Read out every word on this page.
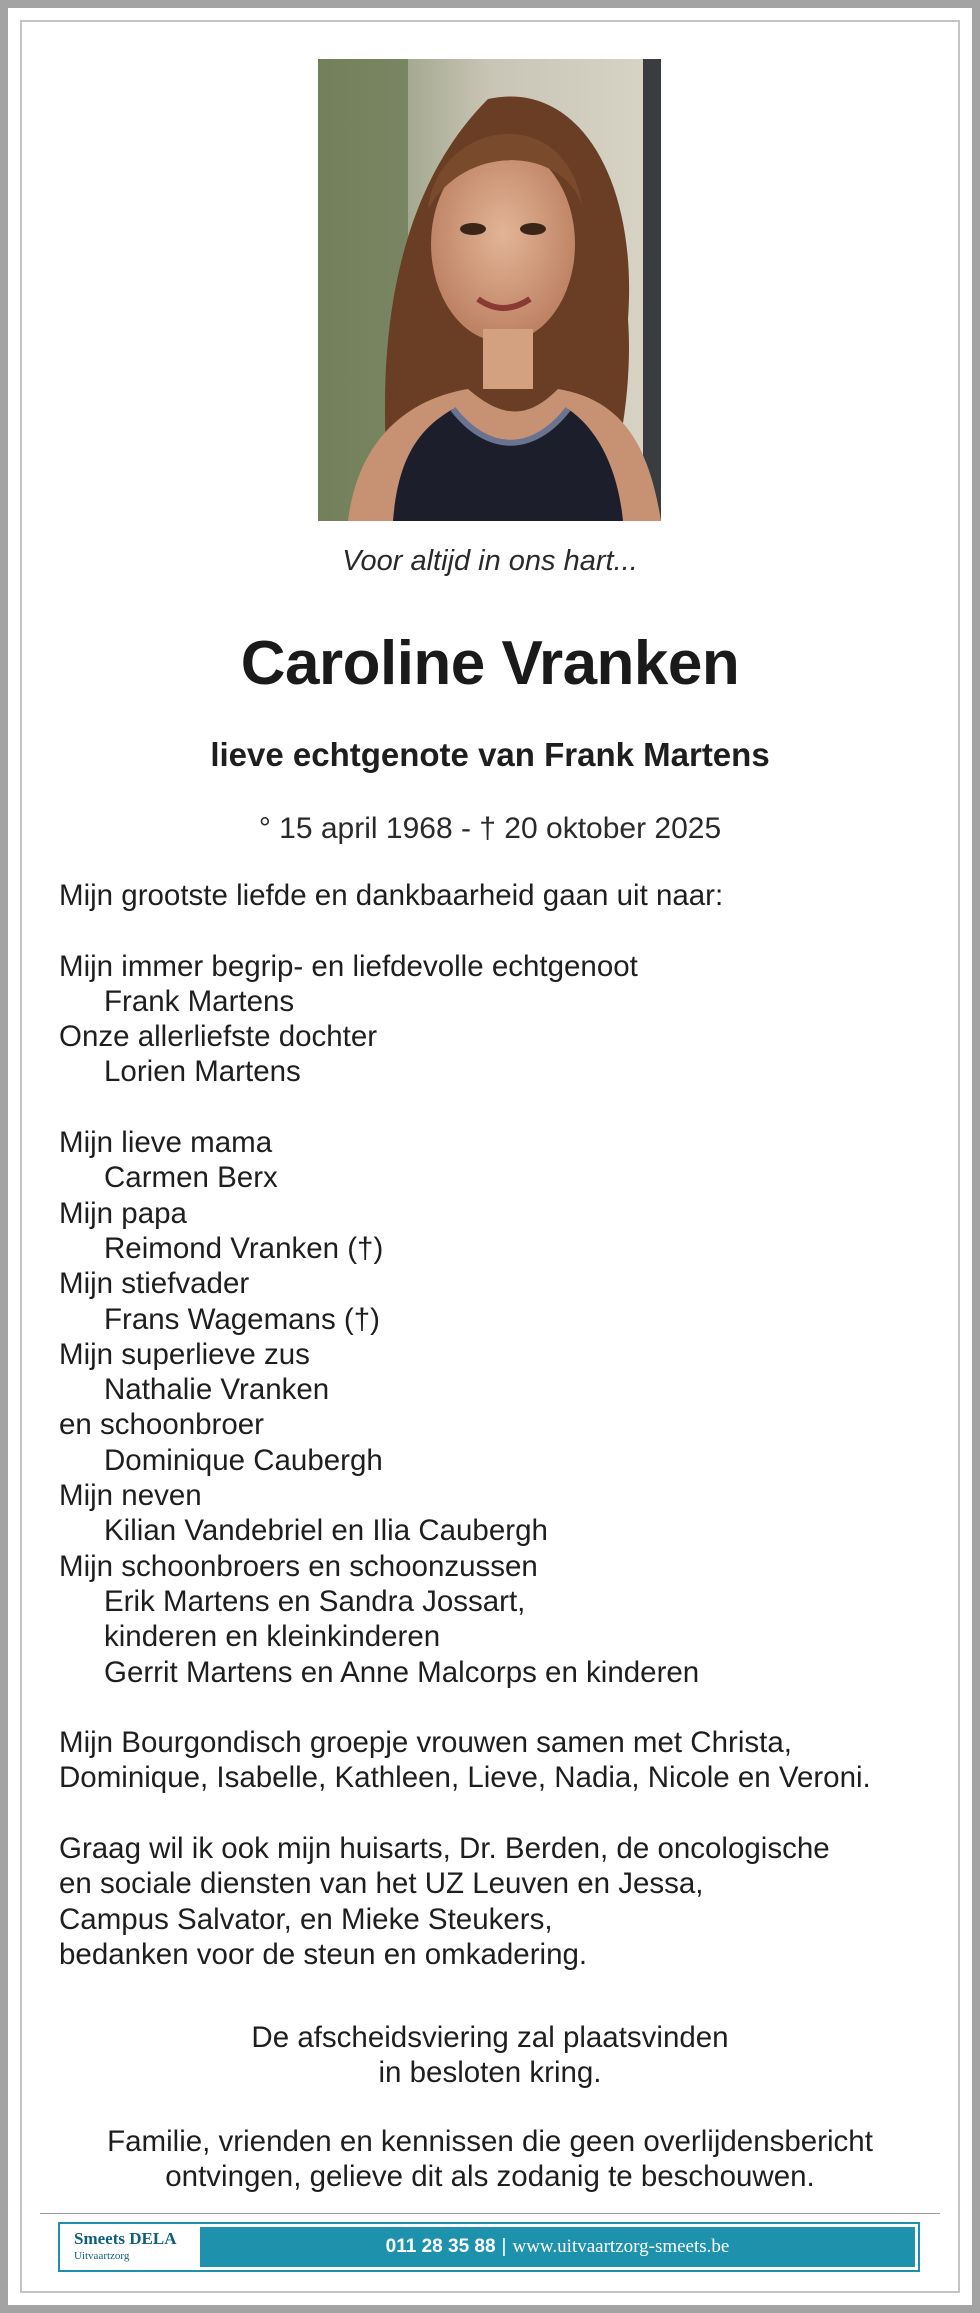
Voor altijd in ons hart...
Caroline Vranken
lieve echtgenote van Frank Martens
° 15 april 1968 - † 20 oktober 2025
Mijn grootste liefde en dankbaarheid gaan uit naar:
Mijn immer begrip- en liefdevolle echtgenoot
Frank Martens
Onze allerliefste dochter
Lorien Martens
Mijn lieve mama
Carmen Berx
Mijn papa
Reimond Vranken (†)
Mijn stiefvader
Frans Wagemans (†)
Mijn superlieve zus
Nathalie Vranken
en schoonbroer
Dominique Caubergh
Mijn neven
Kilian Vandebriel en Ilia Caubergh
Mijn schoonbroers en schoonzussen
Erik Martens en Sandra Jossart,
kinderen en kleinkinderen
Gerrit Martens en Anne Malcorps en kinderen
Mijn Bourgondisch groepje vrouwen samen met Christa,
Dominique, Isabelle, Kathleen, Lieve, Nadia, Nicole en Veroni.
Graag wil ik ook mijn huisarts, Dr. Berden, de oncologische
en sociale diensten van het UZ Leuven en Jessa,
Campus Salvator, en Mieke Steukers,
bedanken voor de steun en omkadering.
De afscheidsviering zal plaatsvinden
in besloten kring.
Familie, vrienden en kennissen die geen overlijdensbericht
ontvingen, gelieve dit als zodanig te beschouwen.
Smeets DELA
Uitvaartzorg	011 28 35 88 | www.uitvaartzorg-smeets.be
